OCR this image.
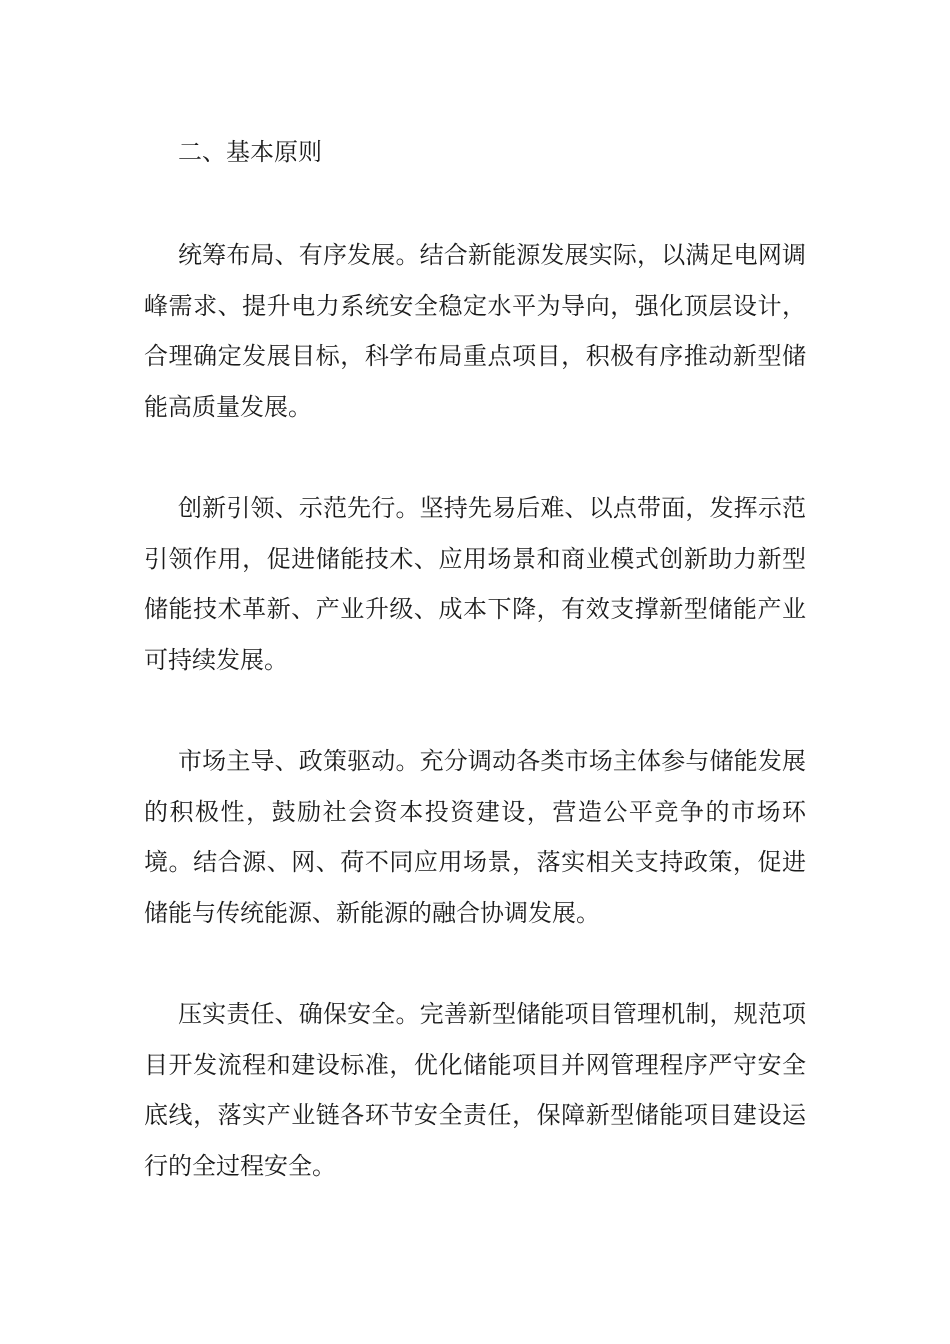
二、基本原则

统筹布局、有序发展。结合新能源发展实际，以满足电网调峰需求、提升电力系统安全稳定水平为导向，强化顶层设计，合理确定发展目标，科学布局重点项目，积极有序推动新型储能高质量发展。

创新引领、示范先行。坚持先易后难、以点带面，发挥示范引领作用，促进储能技术、应用场景和商业模式创新助力新型储能技术革新、产业升级、成本下降，有效支撑新型储能产业可持续发展。

市场主导、政策驱动。充分调动各类市场主体参与储能发展的积极性，鼓励社会资本投资建设，营造公平竞争的市场环境。结合源、网、荷不同应用场景，落实相关支持政策，促进储能与传统能源、新能源的融合协调发展。

压实责任、确保安全。完善新型储能项目管理机制，规范项目开发流程和建设标准，优化储能项目并网管理程序严守安全底线，落实产业链各环节安全责任，保障新型储能项目建设运行的全过程安全。
